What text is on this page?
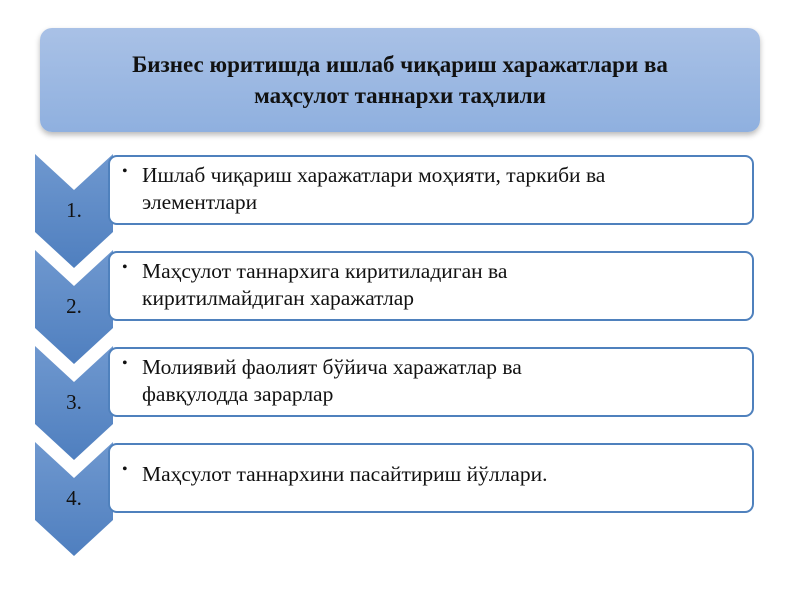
Бизнес юритишда ишлаб чиқариш харажатлари ва
маҳсулот таннархи таҳлили
1.
• Ишлаб чиқариш харажатлари моҳияти, таркиби ва
элементлари
2.
• Маҳсулот таннархига киритиладиган ва
киритилмайдиган харажатлар
3.
• Молиявий фаолият бўйича харажатлар ва
фавқулодда зарарлар
4.
• Маҳсулот таннархини пасайтириш йўллари.
